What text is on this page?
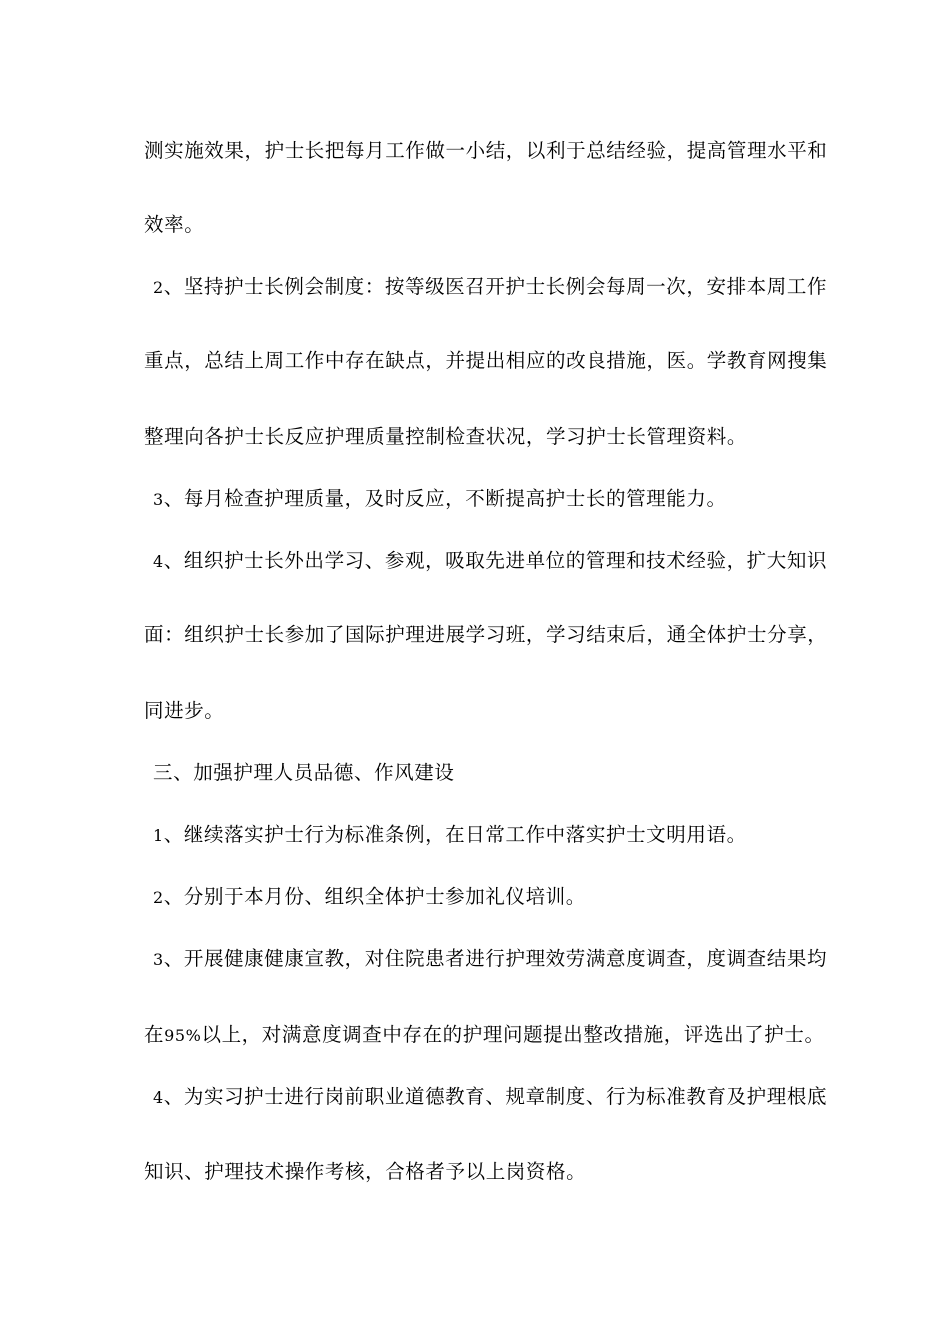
测实施效果，护士长把每月工作做一小结，以利于总结经验，提高管理水平和
效率。
2、坚持护士长例会制度：按等级医召开护士长例会每周一次，安排本周工作
重点，总结上周工作中存在缺点，并提出相应的改良措施，医。学教育网搜集
整理向各护士长反应护理质量控制检查状况，学习护士长管理资料。
3、每月检查护理质量，及时反应，不断提高护士长的管理能力。
4、组织护士长外出学习、参观，吸取先进单位的管理和技术经验，扩大知识
面：组织护士长参加了国际护理进展学习班，学习结束后，通全体护士分享，
同进步。
三、加强护理人员品德、作风建设
1、继续落实护士行为标准条例，在日常工作中落实护士文明用语。
2、分别于本月份、组织全体护士参加礼仪培训。
3、开展健康健康宣教，对住院患者进行护理效劳满意度调查，度调查结果均
在95%以上，对满意度调查中存在的护理问题提出整改措施，评选出了护士。
4、为实习护士进行岗前职业道德教育、规章制度、行为标准教育及护理根底
知识、护理技术操作考核，合格者予以上岗资格。
